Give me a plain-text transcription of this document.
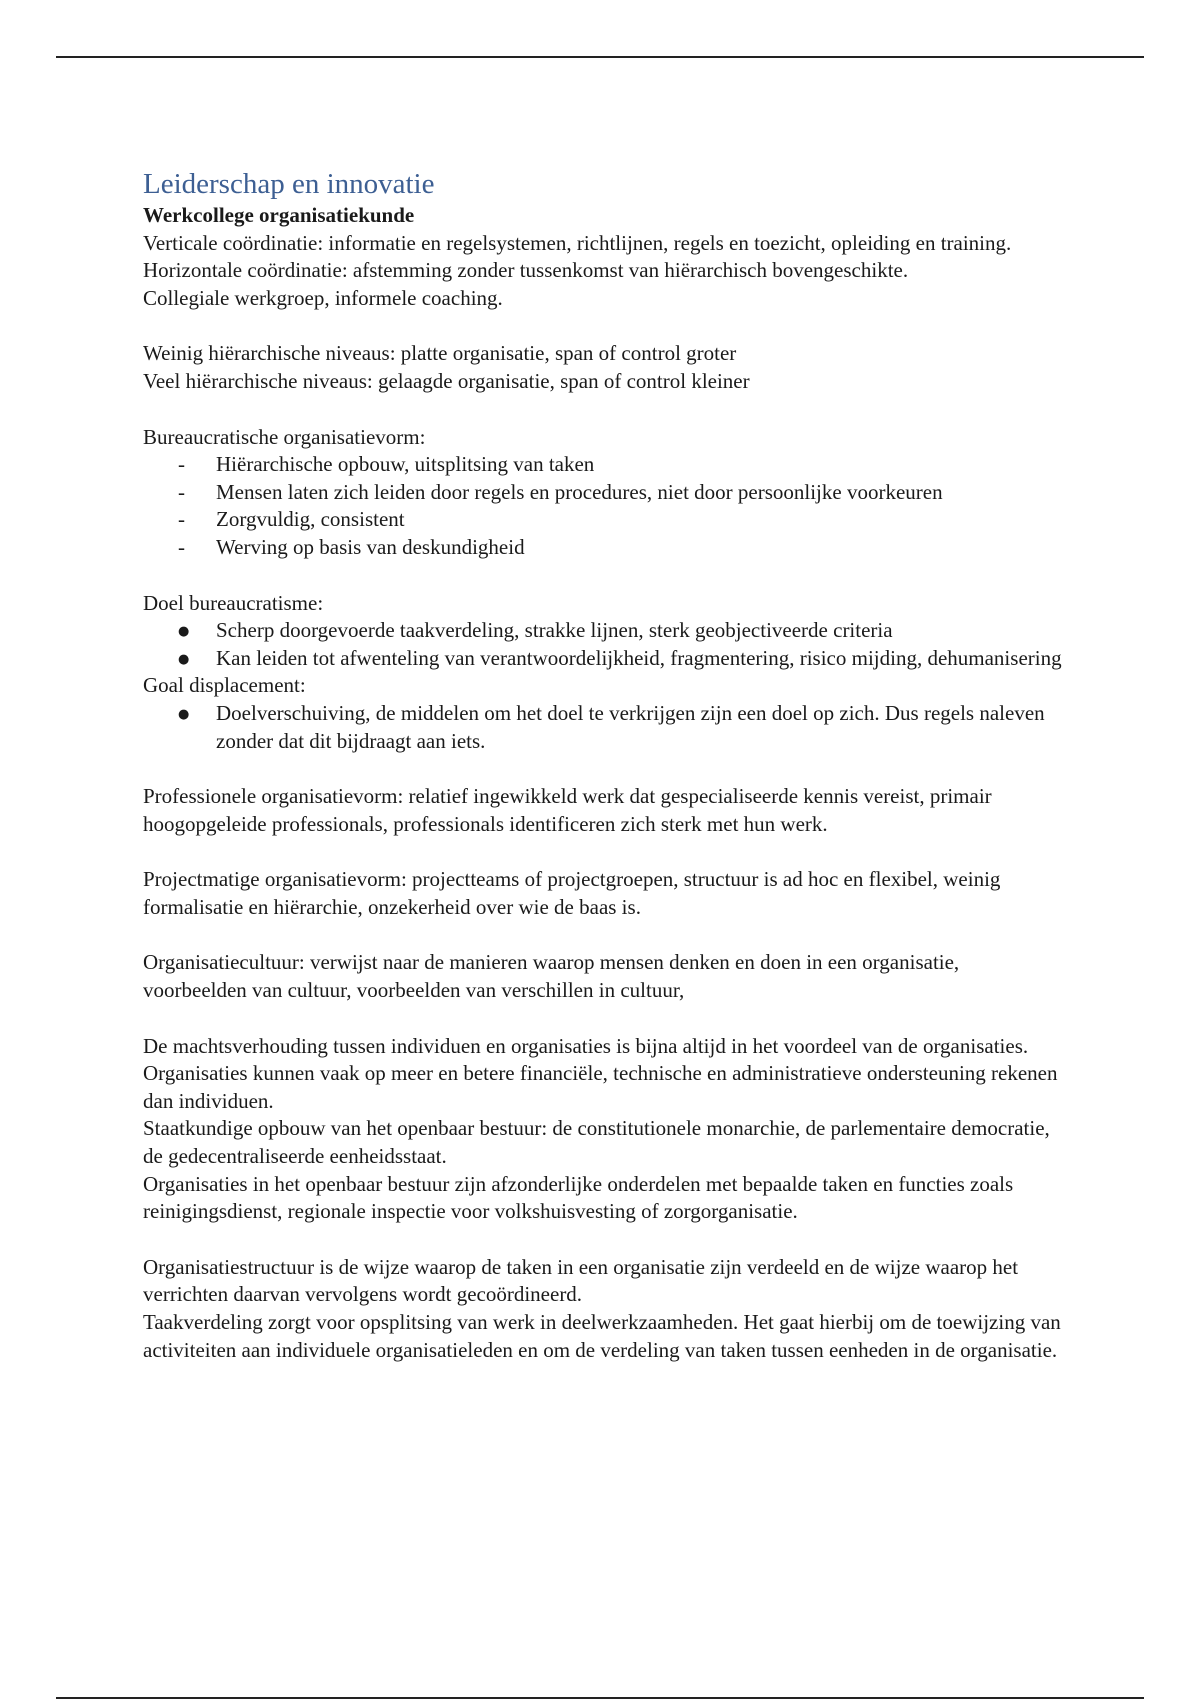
Leiderschap en innovatie

Werkcollege organisatiekunde

Verticale coördinatie: informatie en regelsystemen, richtlijnen, regels en toezicht, opleiding en training.

Horizontale coördinatie: afstemming zonder tussenkomst van hiërarchisch bovengeschikte.

Collegiale werkgroep, informele coaching.

Weinig hiërarchische niveaus: platte organisatie, span of control groter

Veel hiërarchische niveaus: gelaagde organisatie, span of control kleiner

Bureaucratische organisatievorm:

-
Hiërarchische opbouw, uitsplitsing van taken
-
Mensen laten zich leiden door regels en procedures, niet door persoonlijke voorkeuren
-
Zorgvuldig, consistent
-
Werving op basis van deskundigheid

Doel bureaucratisme:

●
Scherp doorgevoerde taakverdeling, strakke lijnen, sterk geobjectiveerde criteria
●
Kan leiden tot afwenteling van verantwoordelijkheid, fragmentering, risico mijding, dehumanisering

Goal displacement:

●
Doelverschuiving, de middelen om het doel te verkrijgen zijn een doel op zich. Dus regels naleven zonder dat dit bijdraagt aan iets.

Professionele organisatievorm: relatief ingewikkeld werk dat gespecialiseerde kennis vereist, primair hoogopgeleide professionals, professionals identificeren zich sterk met hun werk.

Projectmatige organisatievorm: projectteams of projectgroepen, structuur is ad hoc en flexibel, weinig formalisatie en hiërarchie, onzekerheid over wie de baas is.

Organisatiecultuur: verwijst naar de manieren waarop mensen denken en doen in een organisatie, voorbeelden van cultuur, voorbeelden van verschillen in cultuur,

De machtsverhouding tussen individuen en organisaties is bijna altijd in het voordeel van de organisaties. Organisaties kunnen vaak op meer en betere financiële, technische en administratieve ondersteuning rekenen dan individuen.

Staatkundige opbouw van het openbaar bestuur: de constitutionele monarchie, de parlementaire democratie, de gedecentraliseerde eenheidsstaat.

Organisaties in het openbaar bestuur zijn afzonderlijke onderdelen met bepaalde taken en functies zoals reinigingsdienst, regionale inspectie voor volkshuisvesting of zorgorganisatie.

Organisatiestructuur is de wijze waarop de taken in een organisatie zijn verdeeld en de wijze waarop het verrichten daarvan vervolgens wordt gecoördineerd.

Taakverdeling zorgt voor opsplitsing van werk in deelwerkzaamheden. Het gaat hierbij om de toewijzing van activiteiten aan individuele organisatieleden en om de verdeling van taken tussen eenheden in de organisatie.
